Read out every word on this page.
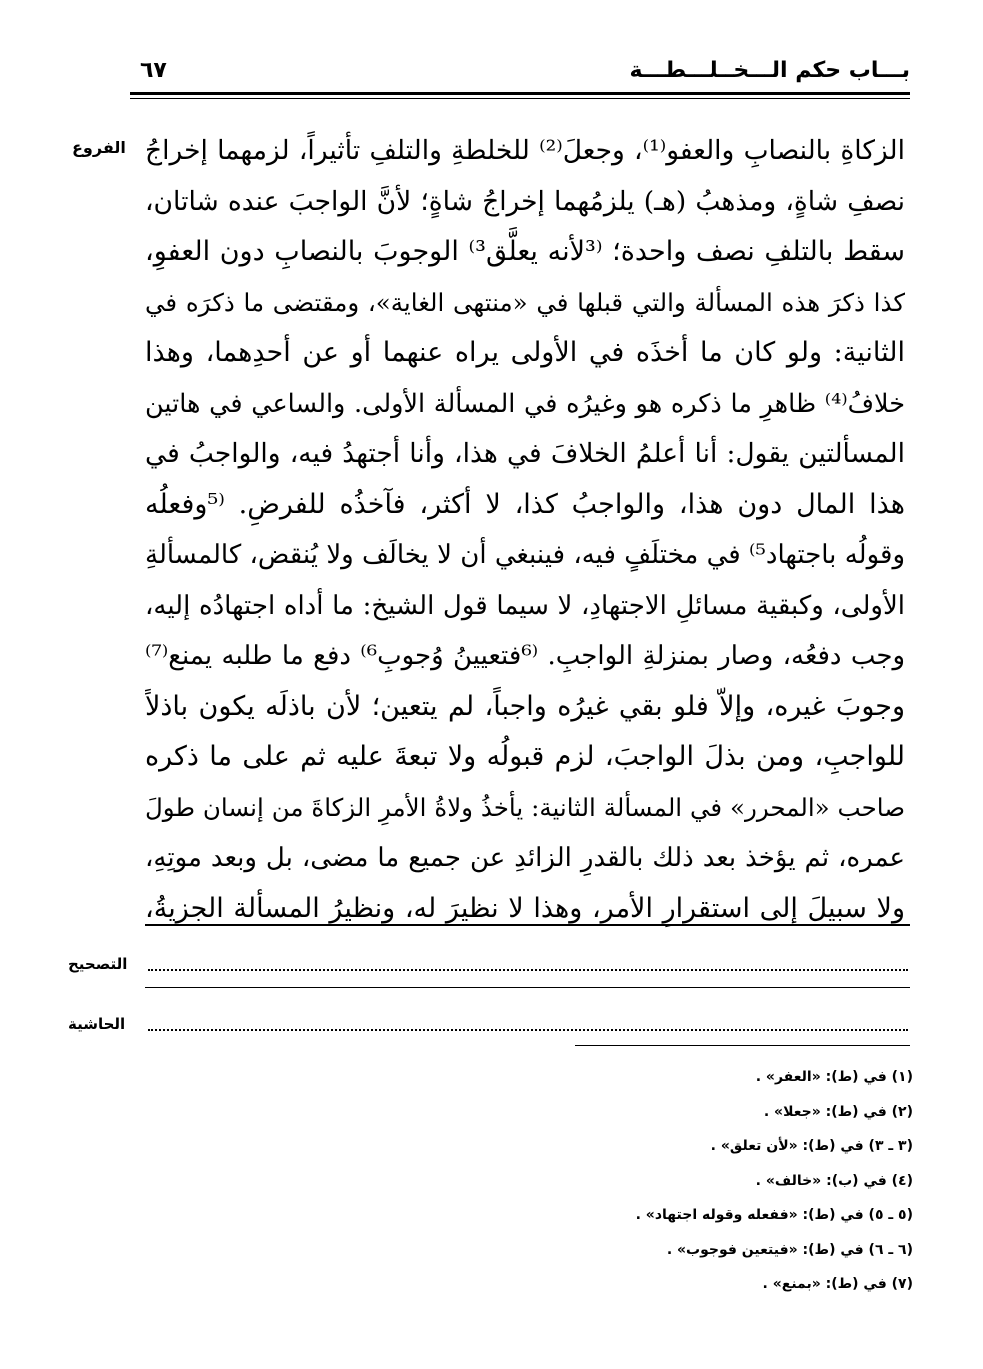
بـــاب حكم الـــخــلـــطـــة
٦٧
الفروع الزكاةِ بالنصابِ والعفو⁽¹⁾، وجعلَ⁽²⁾ للخلطةِ والتلفِ تأثيراً، لزمهما إخراجُ
نصفِ شاةٍ، ومذهبُ (هـ) يلزمُهما إخراجُ شاةٍ؛ لأنَّ الواجبَ عنده شاتان،
سقط بالتلفِ نصف واحدة؛ ⁽³لأنه يعلَّق³⁾ الوجوبَ بالنصابِ دون العفوِ،
كذا ذكرَ هذه المسألة والتي قبلها في «منتهى الغاية»، ومقتضى ما ذكرَه في
الثانية: ولو كان ما أخذَه في الأولى يراه عنهما أو عن أحدِهما، وهذا
خلافُ⁽⁴⁾ ظاهرِ ما ذكره هو وغيرُه في المسألة الأولى. والساعي في هاتين
المسألتين يقول: أنا أعلمُ الخلافَ في هذا، وأنا أجتهدُ فيه، والواجبُ في
هذا المال دون هذا، والواجبُ كذا، لا أكثر، فآخذُه للفرضِ. ⁽⁵وفعلُه
وقولُه باجتهاد⁵⁾ في مختلَفٍ فيه، فينبغي أن لا يخالَف ولا يُنقض، كالمسألةِ
الأولى، وكبقية مسائلِ الاجتهادِ، لا سيما قول الشيخ: ما أداه اجتهادُه إليه،
وجب دفعُه، وصار بمنزلةِ الواجبِ. ⁽⁶فتعيينُ وُجوبِ⁶⁾ دفع ما طلبه يمنع⁽⁷⁾
وجوبَ غيره، وإلاّ فلو بقي غيرُه واجباً، لم يتعين؛ لأن باذلَه يكون باذلاً
للواجبِ، ومن بذلَ الواجبَ، لزم قبولُه ولا تبعةَ عليه ثم على ما ذكره
صاحب «المحرر» في المسألة الثانية: يأخذُ ولاةُ الأمرِ الزكاةَ من إنسان طولَ
عمره، ثم يؤخذ بعد ذلك بالقدرِ الزائدِ عن جميع ما مضى، بل وبعد موتِهِ،
ولا سبيلَ إلى استقرارِ الأمر، وهذا لا نظيرَ له، ونظيرُ المسألة الجزيةُ،
التصحيح
الحاشية
(١) في (ط): «العفر» .
(٢) في (ط): «جعلا» .
(٣ ـ ٣) في (ط): «لأن تعلق» .
(٤) في (ب): «خالف» .
(٥ ـ ٥) في (ط): «ففعله وقوله اجتهاد» .
(٦ ـ ٦) في (ط): «فيتعين فوجوب» .
(٧) في (ط): «بمنع» .
